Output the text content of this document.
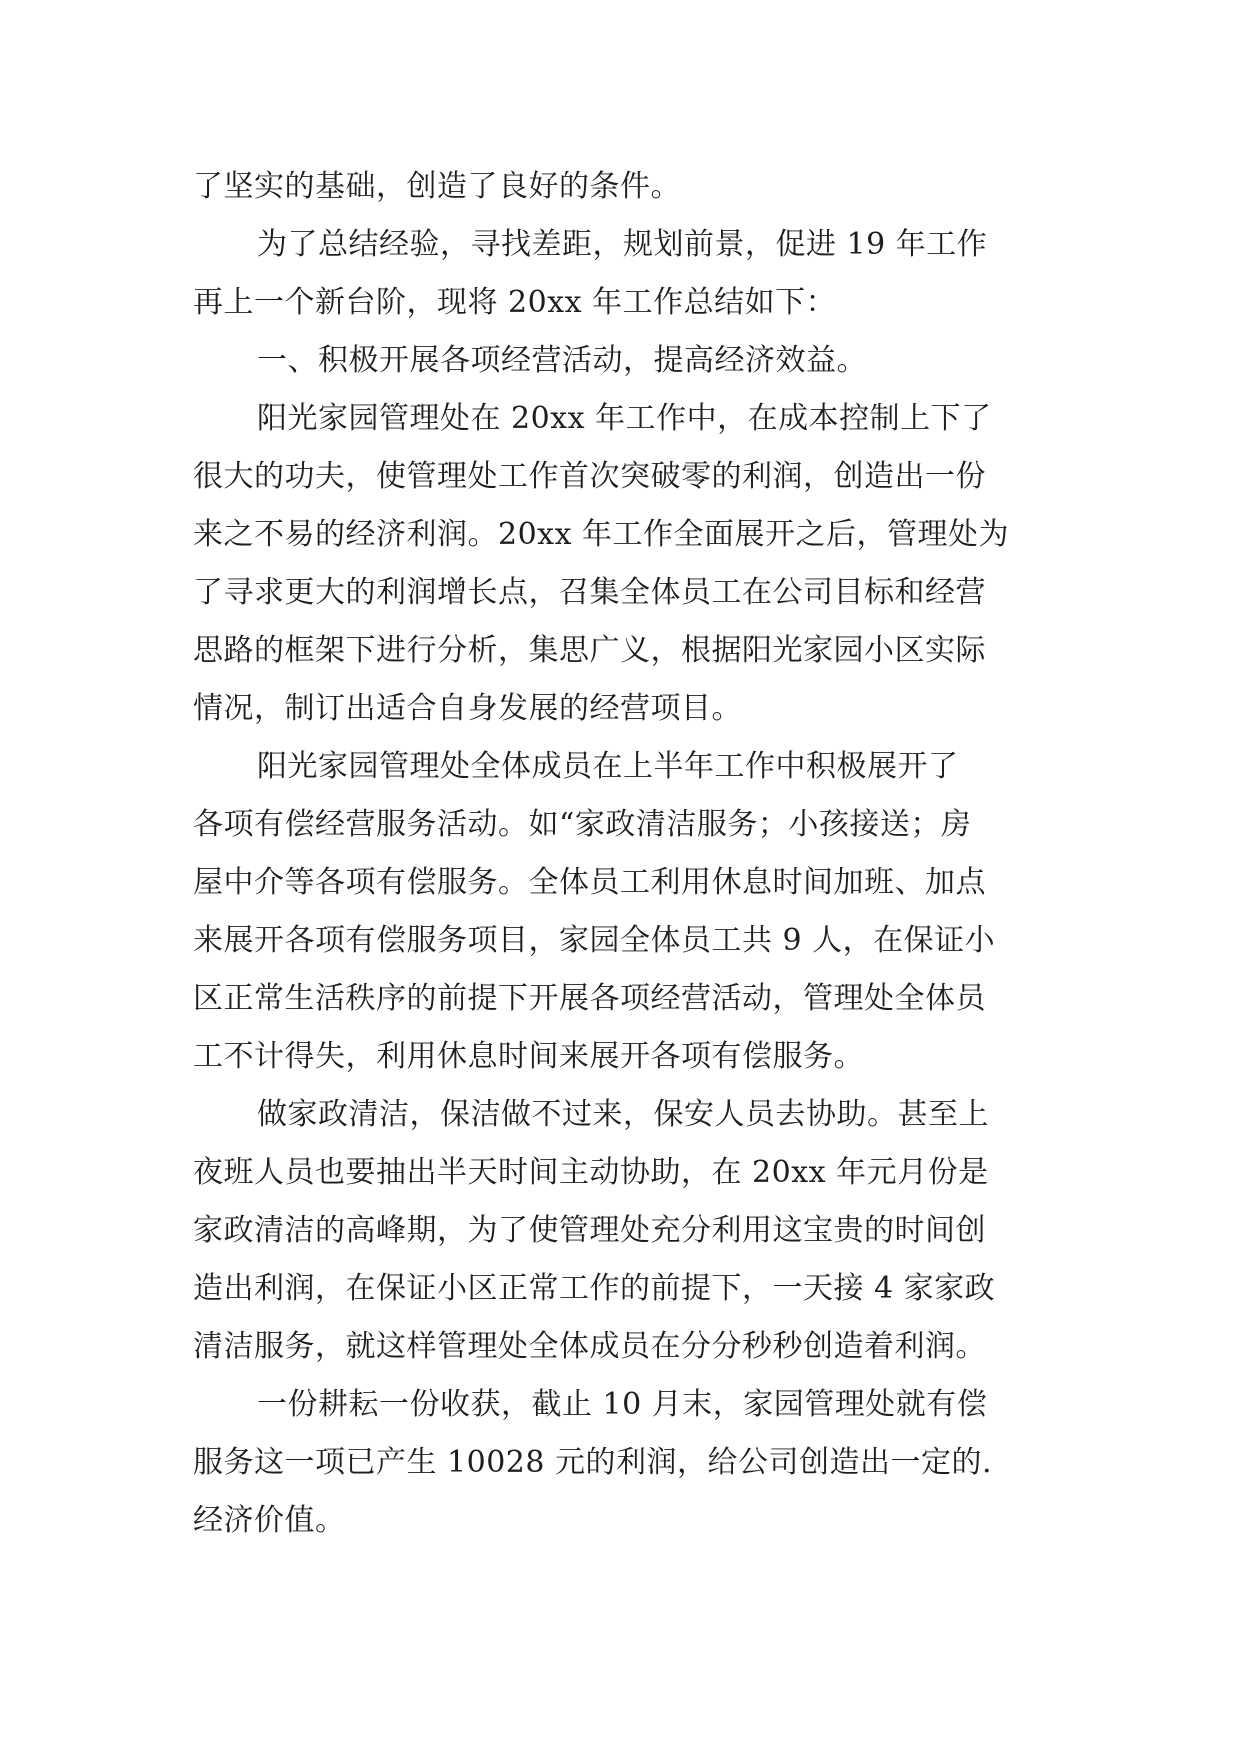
了坚实的基础，创造了良好的条件。
为了总结经验，寻找差距，规划前景，促进 19 年工作
再上一个新台阶，现将 20xx 年工作总结如下：
一、积极开展各项经营活动，提高经济效益。
阳光家园管理处在 20xx 年工作中，在成本控制上下了
很大的功夫，使管理处工作首次突破零的利润，创造出一份
来之不易的经济利润。20xx 年工作全面展开之后，管理处为
了寻求更大的利润增长点，召集全体员工在公司目标和经营
思路的框架下进行分析，集思广义，根据阳光家园小区实际
情况，制订出适合自身发展的经营项目。
阳光家园管理处全体成员在上半年工作中积极展开了
各项有偿经营服务活动。如“家政清洁服务；小孩接送；房
屋中介等各项有偿服务。全体员工利用休息时间加班、加点
来展开各项有偿服务项目，家园全体员工共 9 人，在保证小
区正常生活秩序的前提下开展各项经营活动，管理处全体员
工不计得失，利用休息时间来展开各项有偿服务。
做家政清洁，保洁做不过来，保安人员去协助。甚至上
夜班人员也要抽出半天时间主动协助，在 20xx 年元月份是
家政清洁的高峰期，为了使管理处充分利用这宝贵的时间创
造出利润，在保证小区正常工作的前提下，一天接 4 家家政
清洁服务，就这样管理处全体成员在分分秒秒创造着利润。
一份耕耘一份收获，截止 10 月末，家园管理处就有偿
服务这一项已产生 10028 元的利润，给公司创造出一定的.
经济价值。
